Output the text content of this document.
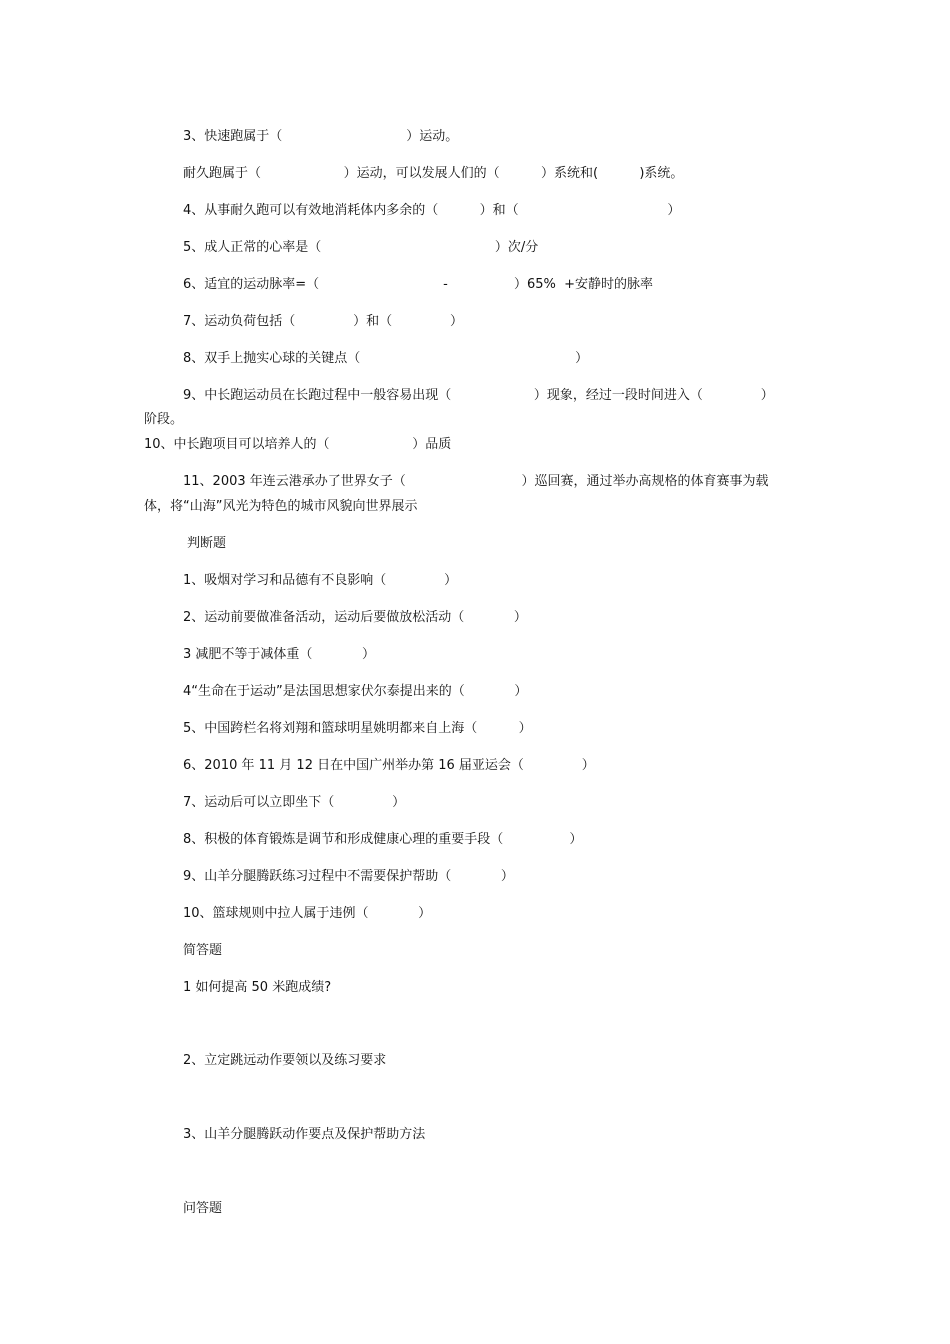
3、快速跑属于（                              ）运动。

耐久跑属于（                    ）运动，可以发展人们的（          ）系统和(          )系统。

4、从事耐久跑可以有效地消耗体内多余的（          ）和（                                    ）

5、成人正常的心率是（                                          ）次/分

6、适宜的运动脉率=（                              -                ）65%  +安静时的脉率

7、运动负荷包括（              ）和（              ）

8、双手上抛实心球的关键点（                                                    ）

9、中长跑运动员在长跑过程中一般容易出现（                    ）现象，经过一段时间进入（              ）

阶段。

10、中长跑项目可以培养人的（                    ）品质

11、2003 年连云港承办了世界女子（                            ）巡回赛，通过举办高规格的体育赛事为载

体，将“山海”风光为特色的城市风貌向世界展示

判断题

1、吸烟对学习和品德有不良影响（              ）

2、运动前要做准备活动，运动后要做放松活动（            ）

3 减肥不等于减体重（            ）

4“生命在于运动”是法国思想家伏尔泰提出来的（            ）

5、中国跨栏名将刘翔和篮球明星姚明都来自上海（          ）

6、2010 年 11 月 12 日在中国广州举办第 16 届亚运会（              ）

7、运动后可以立即坐下（              ）

8、积极的体育锻炼是调节和形成健康心理的重要手段（                ）

9、山羊分腿腾跃练习过程中不需要保护帮助（            ）

10、篮球规则中拉人属于违例（            ）

简答题

1 如何提高 50 米跑成绩?

2、立定跳远动作要领以及练习要求

3、山羊分腿腾跃动作要点及保护帮助方法

问答题
